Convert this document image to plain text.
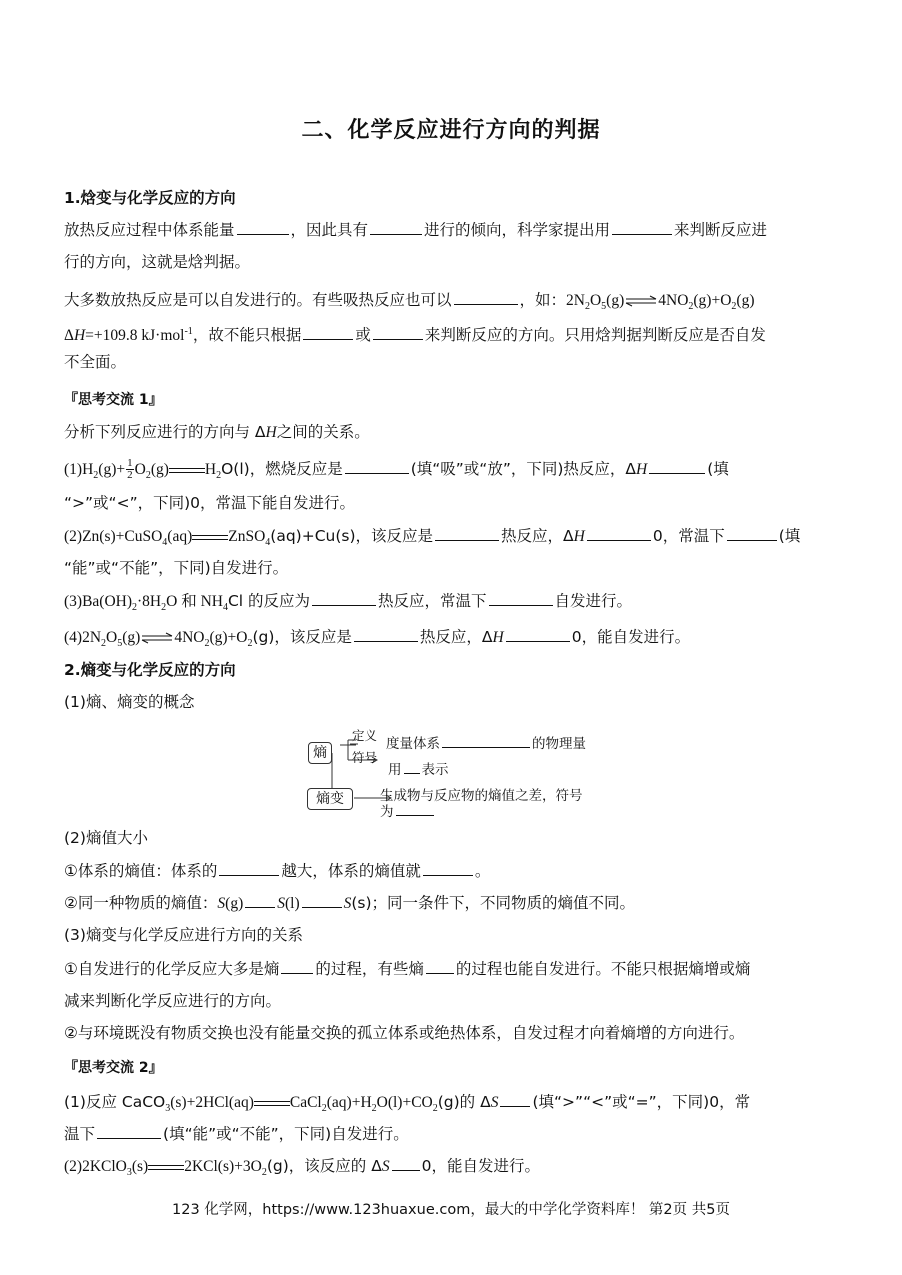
二、化学反应进行方向的判据
1.焓变与化学反应的方向
放热反应过程中体系能量	，因此具有	进行的倾向，科学家提出用	来判断反应进
行的方向，这就是焓判据。
大多数放热反应是可以自发进行的。有些吸热反应也可以	，如：$2N_2O_5(g)\rightleftharpoons 4NO_2(g)+O_2(g)$
ΔH=+109.8 kJ·mol$^{-1}$，故不能只根据	或	来判断反应的方向。只用焓判据判断反应是否自发
不全面。
『思考交流 1』
分析下列反应进行的方向与 ΔH之间的关系。
$(1)H_2(g)+ \frac{1}{2} O_2(g)$ $H_2O(l)$，燃烧反应是	(填“吸”或“放”，下同)热反应，ΔH	(填
“>”或“<”，下同)0，常温下能自发进行。
(2)Zn(s)+CuSO$_4$(aq) ZnSO$_4$(aq)+Cu(s)，该反应是	热反应，ΔH	0，常温下	(填
“能”或“不能”，下同)自发进行。
$(3)Ba(OH)_2\cdot 8H_2O$ 和 $NH_4Cl$ 的反应为	热反应，常温下	自发进行。
$(4)2N_2O_5(g)\rightleftharpoons 4NO_2(g)+O_2(g)$，该反应是	热反应，ΔH	0，能自发进行。
2.熵变与化学反应的方向
(1)熵、熵变的概念
熵
熵变
定义
度量体系	的物理量
符号
用 表示
生成物与反应物的熵值之差，符号
为
(2)熵值大小
①体系的熵值：体系的	越大，体系的熵值就	。
②同一种物质的熵值：S(g) S(l)	S(s)；同一条件下，不同物质的熵值不同。
(3)熵变与化学反应进行方向的关系
①自发进行的化学反应大多是熵 的过程，有些熵 的过程也能自发进行。不能只根据熵增或熵
减来判断化学反应进行的方向。
②与环境既没有物质交换也没有能量交换的孤立体系或绝热体系，自发过程才向着熵增的方向进行。
『思考交流 2』
(1)反应 CaCO$_3$(s)+2HCl(aq) $CaCl_2(aq)+H_2O(l)+CO_2(g)$的 ΔS (填“>”“<”或“=”，下同)0，常
温下	(填“能”或“不能”，下同)自发进行。
(2)2KClO$_3$(s) $2KCl(s)+3O_2(g)$，该反应的 ΔS 0，能自发进行。
123 化学网，https://www.123huaxue.com，最大的中学化学资料库！ 第2页 共5页
